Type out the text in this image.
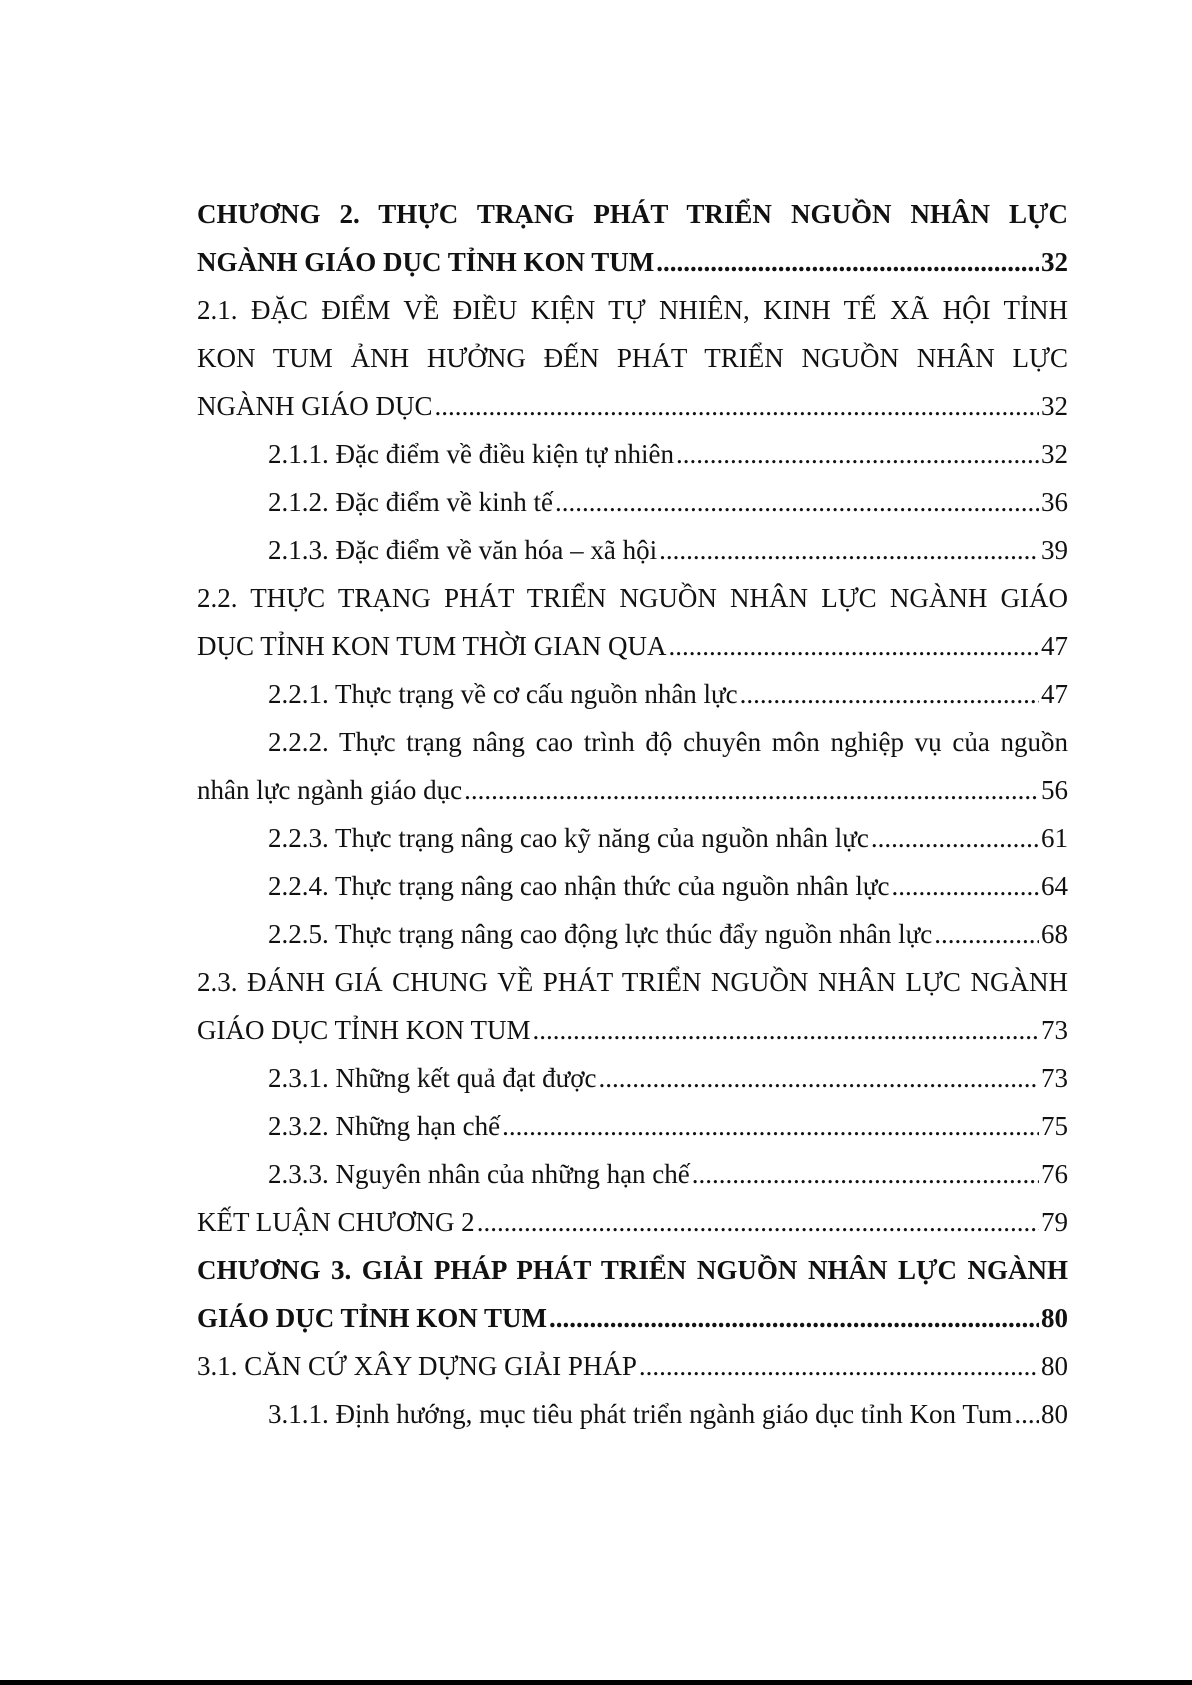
CHƯƠNG 2. THỰC TRẠNG PHÁT TRIỂN NGUỒN NHÂN LỰC
NGÀNH GIÁO DỤC TỈNH KON TUM .....	32
2.1. ĐẶC ĐIỂM VỀ ĐIỀU KIỆN TỰ NHIÊN, KINH TẾ XÃ HỘI TỈNH
KON TUM ẢNH HƯỞNG ĐẾN PHÁT TRIỂN NGUỒN NHÂN LỰC
NGÀNH GIÁO DỤC .....	32
2.1.1. Đặc điểm về điều kiện tự nhiên .....	32
2.1.2. Đặc điểm về kinh tế .....	36
2.1.3. Đặc điểm về văn hóa – xã hội .....	39
2.2. THỰC TRẠNG PHÁT TRIỂN NGUỒN NHÂN LỰC NGÀNH GIÁO
DỤC TỈNH KON TUM THỜI GIAN QUA .....	47
2.2.1. Thực trạng về cơ cấu nguồn nhân lực .....	47
2.2.2. Thực trạng nâng cao trình độ chuyên môn nghiệp vụ của nguồn
nhân lực ngành giáo dục .....	56
2.2.3. Thực trạng nâng cao kỹ năng của nguồn nhân lực .....	61
2.2.4. Thực trạng nâng cao nhận thức của nguồn nhân lực .....	64
2.2.5. Thực trạng nâng cao động lực thúc đẩy nguồn nhân lực .....	68
2.3. ĐÁNH GIÁ CHUNG VỀ PHÁT TRIỂN NGUỒN NHÂN LỰC NGÀNH
GIÁO DỤC TỈNH KON TUM .....	73
2.3.1. Những kết quả đạt được .....	73
2.3.2. Những hạn chế .....	75
2.3.3. Nguyên nhân của những hạn chế .....	76
KẾT LUẬN CHƯƠNG 2 .....	79
CHƯƠNG 3. GIẢI PHÁP PHÁT TRIỂN NGUỒN NHÂN LỰC NGÀNH
GIÁO DỤC TỈNH KON TUM .....	80
3.1. CĂN CỨ XÂY DỰNG GIẢI PHÁP .....	80
3.1.1. Định hướng, mục tiêu phát triển ngành giáo dục tỉnh Kon Tum ..... 80
